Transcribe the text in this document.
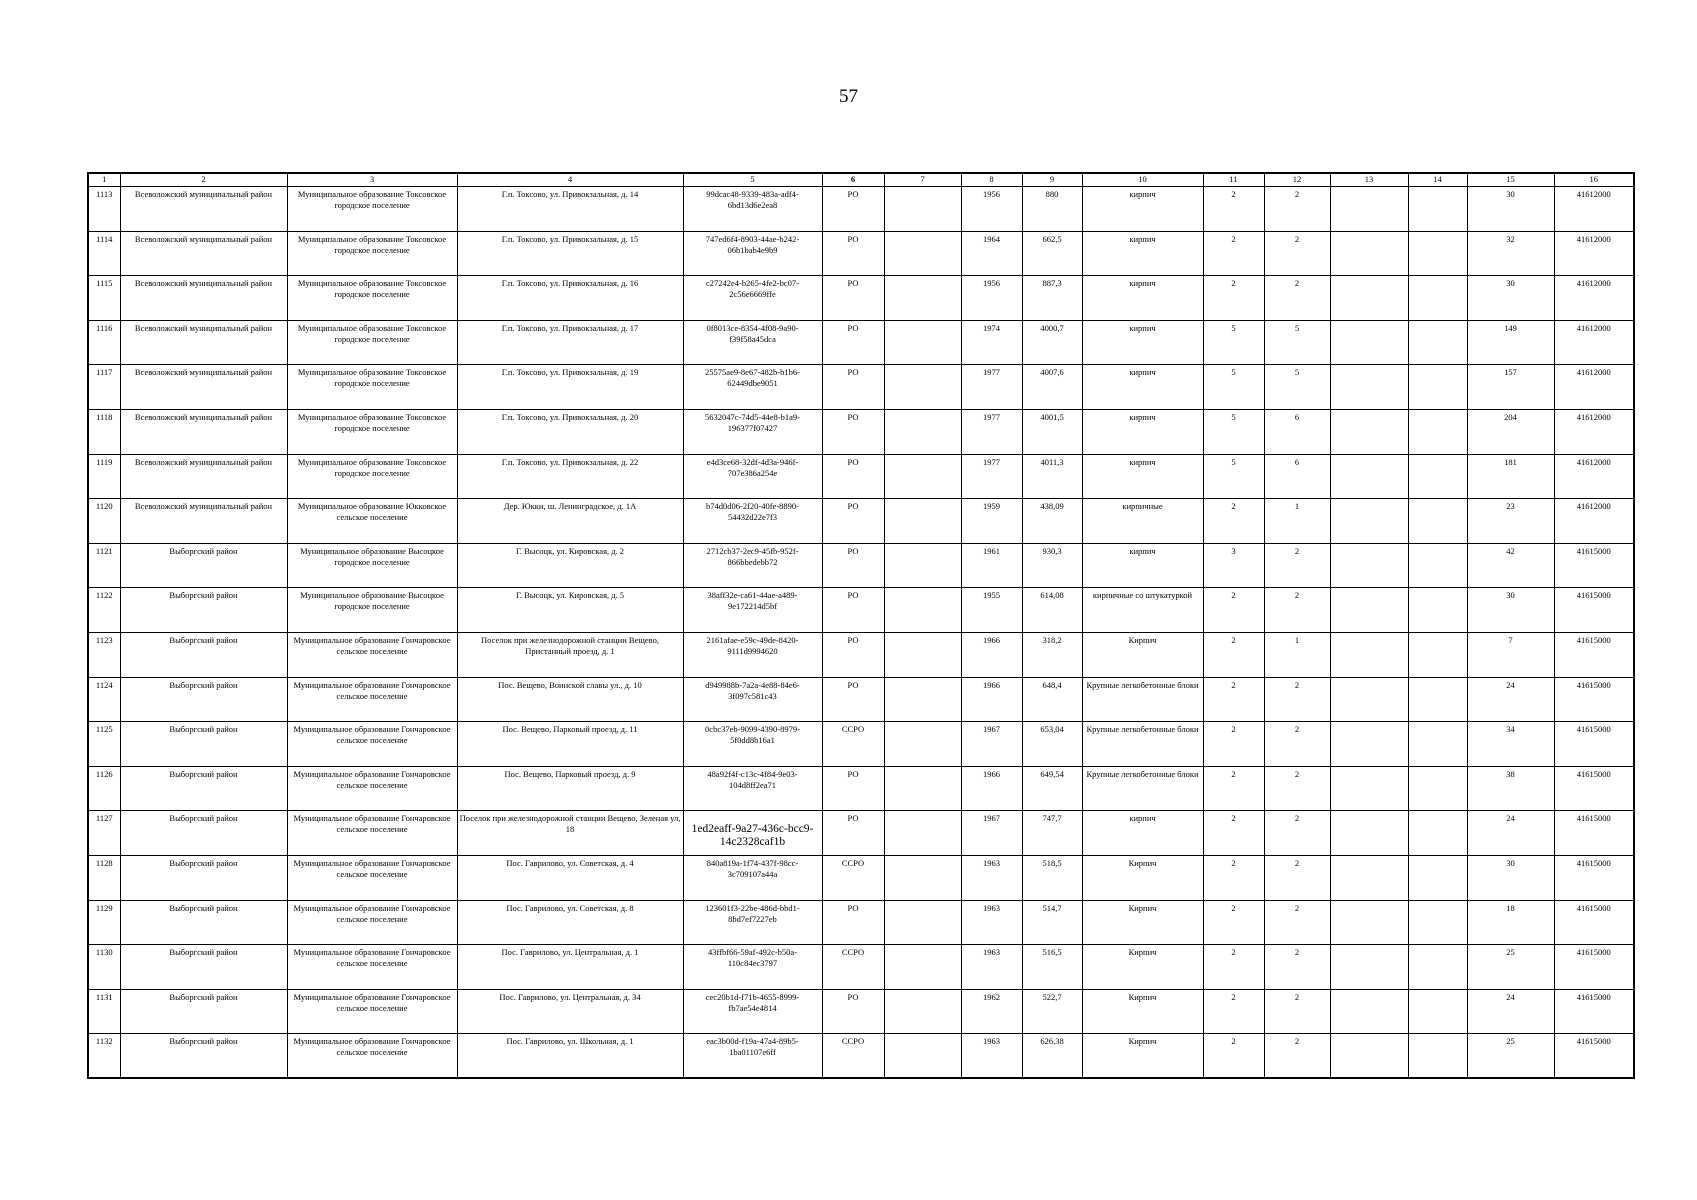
57
1	2	3	4	5	6	7	8	9	10	11	12	13	14	15	16
1113	Всеволожский муниципальный район	Муниципальное образование Токсовское городское поселение	Г.п. Токсово, ул. Привокзальная, д. 14	99dcac48-9339-483a-adf4-6bd13d6e2ea8	РО		1956	880	кирпич	2	2			30	41612000
1114	Всеволожский муниципальный район	Муниципальное образование Токсовское городское поселение	Г.п. Токсово, ул. Привокзальная, д. 15	747ed6f4-8903-44ae-b242-06b1bab4e9b9	РО		1964	662,5	кирпич	2	2			32	41612000
1115	Всеволожский муниципальный район	Муниципальное образование Токсовское городское поселение	Г.п. Токсово, ул. Привокзальная, д. 16	c27242e4-b265-4fe2-bc07-2c56e6669ffe	РО		1956	887,3	кирпич	2	2			30	41612000
1116	Всеволожский муниципальный район	Муниципальное образование Токсовское городское поселение	Г.п. Токсово, ул. Привокзальная, д. 17	0f8013ce-8354-4f08-9a90-f39f58a45dca	РО		1974	4000,7	кирпич	5	5			149	41612000
1117	Всеволожский муниципальный район	Муниципальное образование Токсовское городское поселение	Г.п. Токсово, ул. Привокзальная, д. 19	25575ae9-8e67-482b-b1b6-62449dbe9051	РО		1977	4007,6	кирпич	5	5			157	41612000
1118	Всеволожский муниципальный район	Муниципальное образование Токсовское городское поселение	Г.п. Токсово, ул. Привокзальная, д. 20	5632047c-74d5-44e8-b1a9-196377f07427	РО		1977	4001,5	кирпич	5	6			204	41612000
1119	Всеволожский муниципальный район	Муниципальное образование Токсовское городское поселение	Г.п. Токсово, ул. Привокзальная, д. 22	e4d3ce68-32df-4d3a-946f-707e386a254e	РО		1977	4011,3	кирпич	5	6			181	41612000
1120	Всеволожский муниципальный район	Муниципальное образование Юкковское сельское поселение	Дер. Юкки, ш. Ленинградское, д. 1А	b74d0d06-2f20-40fe-8890-54432d22e7f3	РО		1959	438,09	кирпичные	2	1			23	41612000
1121	Выборгский район	Муниципальное образование Высоцкое городское поселение	Г. Высоцк, ул. Кировская, д. 2	2712cb37-2ec9-45fb-952f-866bbedebb72	РО		1961	930,3	кирпич	3	2			42	41615000
1122	Выборгский район	Муниципальное образование Высоцкое городское поселение	Г. Высоцк, ул. Кировская, д. 5	38aff32e-ca61-44ae-a489-9e172214d5bf	РО		1955	614,08	кирпичные со штукатуркой	2	2			30	41615000
1123	Выборгский район	Муниципальное образование Гончаровское сельское поселение	Поселок при железнодорожной станции Вещево, Пристанный проезд, д. 1	2161afae-e59c-49de-8420-9111d9994620	РО		1966	318,2	Кирпич	2	1			7	41615000
1124	Выборгский район	Муниципальное образование Гончаровское сельское поселение	Пос. Вещево, Воинской славы ул., д. 10	d949988b-7a2a-4e88-84e6-3f097c581c43	РО		1966	648,4	Крупные легкобетонные блоки	2	2			24	41615000
1125	Выборгский район	Муниципальное образование Гончаровское сельское поселение	Пос. Вещево, Парковый проезд, д. 11	0cbc37eb-9099-4390-8979-5f0dd8b16a1	ССРО		1967	653,04	Крупные легкобетонные блоки	2	2			34	41615000
1126	Выборгский район	Муниципальное образование Гончаровское сельское поселение	Пос. Вещево, Парковый проезд, д. 9	48a92f4f-c13c-4f84-9e03-104d8ff2ea71	РО		1966	649,54	Крупные легкобетонные блоки	2	2			38	41615000
1127	Выборгский район	Муниципальное образование Гончаровское сельское поселение	Поселок при железнодорожной станции Вещево, Зеленая ул, 18	1ed2eaff-9a27-436c-bcc9-14c2328caf1b	РО		1967	747,7	кирпич	2	2			24	41615000
1128	Выборгский район	Муниципальное образование Гончаровское сельское поселение	Пос. Гаврилово, ул. Советская, д. 4	840a819a-1f74-437f-98cc-3c709107a44a	ССРО		1963	518,5	Кирпич	2	2			30	41615000
1129	Выборгский район	Муниципальное образование Гончаровское сельское поселение	Пос. Гаврилово, ул. Советская, д. 8	123601f3-22be-486d-bbd1-8bd7ef7227eb	РО		1963	514,7	Кирпич	2	2			18	41615000
1130	Выборгский район	Муниципальное образование Гончаровское сельское поселение	Пос. Гаврилово, ул. Центральная, д. 1	43ffbf66-59af-492c-b50a-110c84ec3797	ССРО		1963	516,5	Кирпич	2	2			25	41615000
1131	Выборгский район	Муниципальное образование Гончаровское сельское поселение	Пос. Гаврилово, ул. Центральная, д. 34	cec20b1d-f71b-4655-8999-fb7ae54e4814	РО		1962	522,7	Кирпич	2	2			24	41615000
1132	Выборгский район	Муниципальное образование Гончаровское сельское поселение	Пос. Гаврилово, ул. Школьная, д. 1	eac3b00d-f19a-47a4-89b5-1ba01107e6ff	ССРО		1963	626,38	Кирпич	2	2			25	41615000
